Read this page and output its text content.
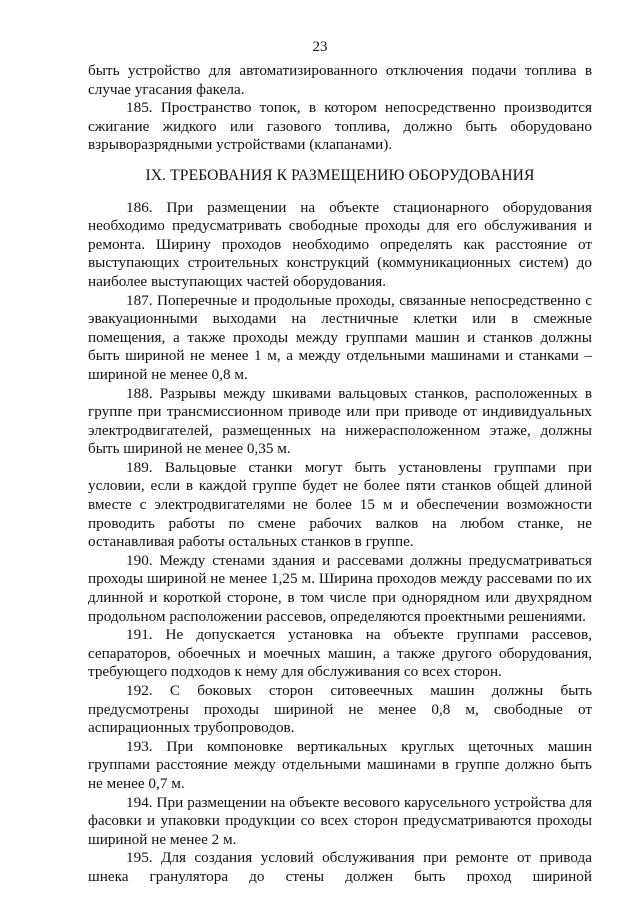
23

быть устройство для автоматизированного отключения подачи топлива в случае угасания факела.

185. Пространство топок, в котором непосредственно производится сжигание жидкого или газового топлива, должно быть оборудовано взрыворазрядными устройствами (клапанами).

IX. ТРЕБОВАНИЯ К РАЗМЕЩЕНИЮ ОБОРУДОВАНИЯ

186. При размещении на объекте стационарного оборудования необходимо предусматривать свободные проходы для его обслуживания и ремонта. Ширину проходов необходимо определять как расстояние от выступающих строительных конструкций (коммуникационных систем) до наиболее выступающих частей оборудования.

187. Поперечные и продольные проходы, связанные непосредственно с эвакуационными выходами на лестничные клетки или в смежные помещения, а также проходы между группами машин и станков должны быть шириной не менее 1 м, а между отдельными машинами и станками – шириной не менее 0,8 м.

188. Разрывы между шкивами вальцовых станков, расположенных в группе при трансмиссионном приводе или при приводе от индивидуальных электродвигателей, размещенных на нижерасположенном этаже, должны быть шириной не менее 0,35 м.

189. Вальцовые станки могут быть установлены группами при условии, если в каждой группе будет не более пяти станков общей длиной вместе с электродвигателями не более 15 м и обеспечении возможности проводить работы по смене рабочих валков на любом станке, не останавливая работы остальных станков в группе.

190. Между стенами здания и рассевами должны предусматриваться проходы шириной не менее 1,25 м. Ширина проходов между рассевами по их длинной и короткой стороне, в том числе при однорядном или двухрядном продольном расположении рассевов, определяются проектными решениями.

191. Не допускается установка на объекте группами рассевов, сепараторов, обоечных и моечных машин, а также другого оборудования, требующего подходов к нему для обслуживания со всех сторон.

192. С боковых сторон ситовеечных машин должны быть предусмотрены проходы шириной не менее 0,8 м, свободные от аспирационных трубопроводов.

193. При компоновке вертикальных круглых щеточных машин группами расстояние между отдельными машинами в группе должно быть не менее 0,7 м.

194. При размещении на объекте весового карусельного устройства для фасовки и упаковки продукции со всех сторон предусматриваются проходы шириной не менее 2 м.

195. Для создания условий обслуживания при ремонте от привода шнека гранулятора до стены должен быть проход шириной
